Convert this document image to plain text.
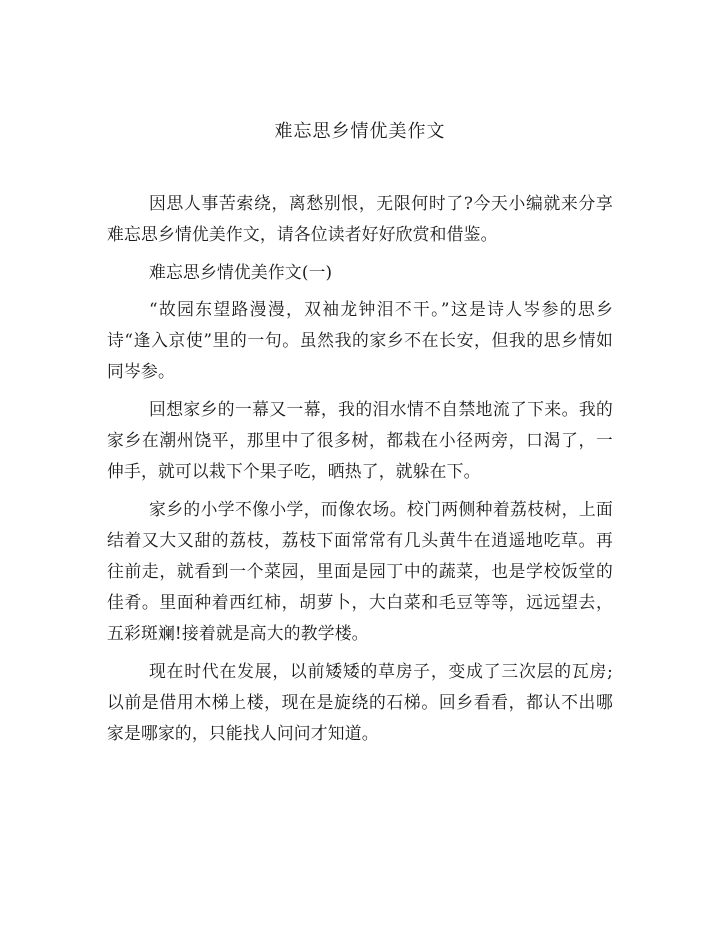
难忘思乡情优美作文

因思人事苦索绕，离愁别恨，无限何时了?今天小编就来分享难忘思乡情优美作文，请各位读者好好欣赏和借鉴。

难忘思乡情优美作文(一)

“故园东望路漫漫，双袖龙钟泪不干。”这是诗人岑参的思乡诗“逢入京使”里的一句。虽然我的家乡不在长安，但我的思乡情如同岑参。

回想家乡的一幕又一幕，我的泪水情不自禁地流了下来。我的家乡在潮州饶平，那里中了很多树，都栽在小径两旁，口渴了，一伸手，就可以栽下个果子吃，晒热了，就躲在下。

家乡的小学不像小学，而像农场。校门两侧种着荔枝树，上面结着又大又甜的荔枝，荔枝下面常常有几头黄牛在逍遥地吃草。再往前走，就看到一个菜园，里面是园丁中的蔬菜，也是学校饭堂的佳肴。里面种着西红柿，胡萝卜，大白菜和毛豆等等，远远望去，五彩斑斓!接着就是高大的教学楼。

现在时代在发展，以前矮矮的草房子，变成了三次层的瓦房;以前是借用木梯上楼，现在是旋绕的石梯。回乡看看，都认不出哪家是哪家的，只能找人问问才知道。
